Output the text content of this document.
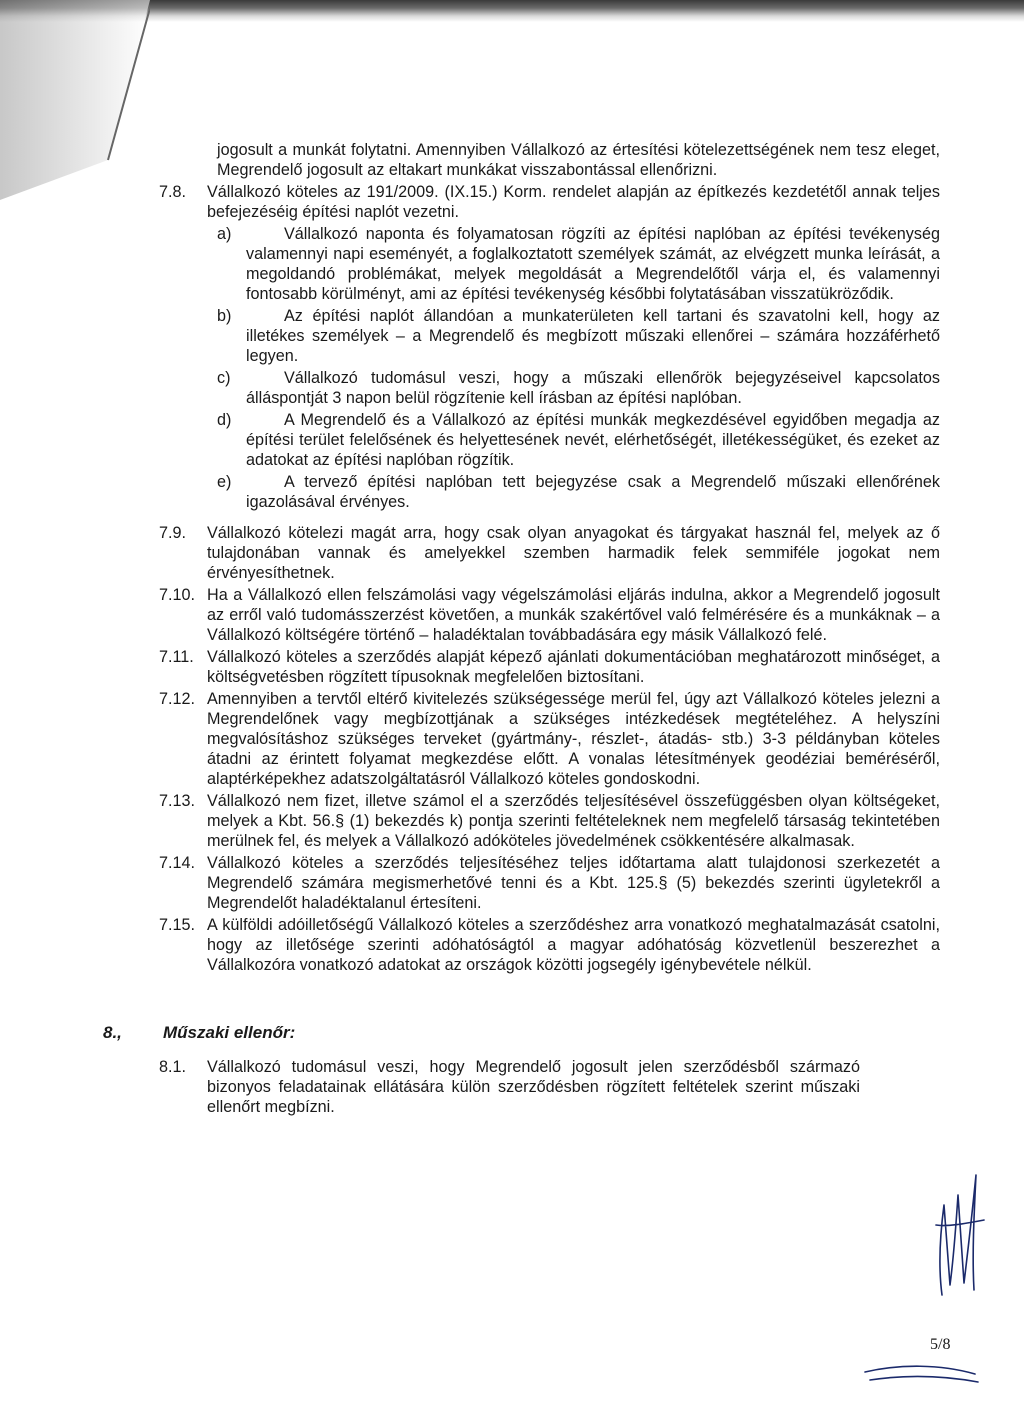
jogosult a munkát folytatni. Amennyiben Vállalkozó az értesítési kötelezettségének nem tesz eleget, Megrendelő jogosult az eltakart munkákat visszabontással ellenőrizni.
7.8.	Vállalkozó köteles az 191/2009. (IX.15.) Korm. rendelet alapján az építkezés kezdetétől annak teljes befejezéséig építési naplót vezetni.
a)	Vállalkozó naponta és folyamatosan rögzíti az építési naplóban az építési tevékenység valamennyi napi eseményét, a foglalkoztatott személyek számát, az elvégzett munka leírását, a megoldandó problémákat, melyek megoldását a Megrendelőtől várja el, és valamennyi fontosabb körülményt, ami az építési tevékenység későbbi folytatásában visszatükröződik.
b)	Az építési naplót állandóan a munkaterületen kell tartani és szavatolni kell, hogy az illetékes személyek – a Megrendelő és megbízott műszaki ellenőrei – számára hozzáférhető legyen.
c)	Vállalkozó tudomásul veszi, hogy a műszaki ellenőrök bejegyzéseivel kapcsolatos álláspontját 3 napon belül rögzítenie kell írásban az építési naplóban.
d)	A Megrendelő és a Vállalkozó az építési munkák megkezdésével egyidőben megadja az építési terület felelősének és helyettesének nevét, elérhetőségét, illetékességüket, és ezeket az adatokat az építési naplóban rögzítik.
e)	A tervező építési naplóban tett bejegyzése csak a Megrendelő műszaki ellenőrének igazolásával érvényes.
7.9.	Vállalkozó kötelezi magát arra, hogy csak olyan anyagokat és tárgyakat használ fel, melyek az ő tulajdonában vannak és amelyekkel szemben harmadik felek semmiféle jogokat nem érvényesíthetnek.
7.10. Ha a Vállalkozó ellen felszámolási vagy végelszámolási eljárás indulna, akkor a Megrendelő jogosult az erről való tudomásszerzést követően, a munkák szakértővel való felmérésére és a munkáknak – a Vállalkozó költségére történő – haladéktalan továbbadására egy másik Vállalkozó felé.
7.11. Vállalkozó köteles a szerződés alapját képező ajánlati dokumentációban meghatározott minőséget, a költségvetésben rögzített típusoknak megfelelően biztosítani.
7.12. Amennyiben a tervtől eltérő kivitelezés szükségessége merül fel, úgy azt Vállalkozó köteles jelezni a Megrendelőnek vagy megbízottjának a szükséges intézkedések megtételéhez. A helyszíni megvalósításhoz szükséges terveket (gyártmány-, részlet-, átadás- stb.) 3-3 példányban köteles átadni az érintett folyamat megkezdése előtt. A vonalas létesítmények geodéziai beméréséről, alaptérképekhez adatszolgáltatásról Vállalkozó köteles gondoskodni.
7.13. Vállalkozó nem fizet, illetve számol el a szerződés teljesítésével összefüggésben olyan költségeket, melyek a Kbt. 56.§ (1) bekezdés k) pontja szerinti feltételeknek nem megfelelő társaság tekintetében merülnek fel, és melyek a Vállalkozó adóköteles jövedelmének csökkentésére alkalmasak.
7.14. Vállalkozó köteles a szerződés teljesítéséhez teljes időtartama alatt tulajdonosi szerkezetét a Megrendelő számára megismerhetővé tenni és a Kbt. 125.§ (5) bekezdés szerinti ügyletekről a Megrendelőt haladéktalanul értesíteni.
7.15. A külföldi adóilletőségű Vállalkozó köteles a szerződéshez arra vonatkozó meghatalmazását csatolni, hogy az illetősége szerinti adóhatóságtól a magyar adóhatóság közvetlenül beszerezhet a Vállalkozóra vonatkozó adatokat az országok közötti jogsegély igénybevétele nélkül.
8.,	Műszaki ellenőr:
8.1.	Vállalkozó tudomásul veszi, hogy Megrendelő jogosult jelen szerződésből származó bizonyos feladatainak ellátására külön szerződésben rögzített feltételek szerint műszaki ellenőrt megbízni.
5/8
